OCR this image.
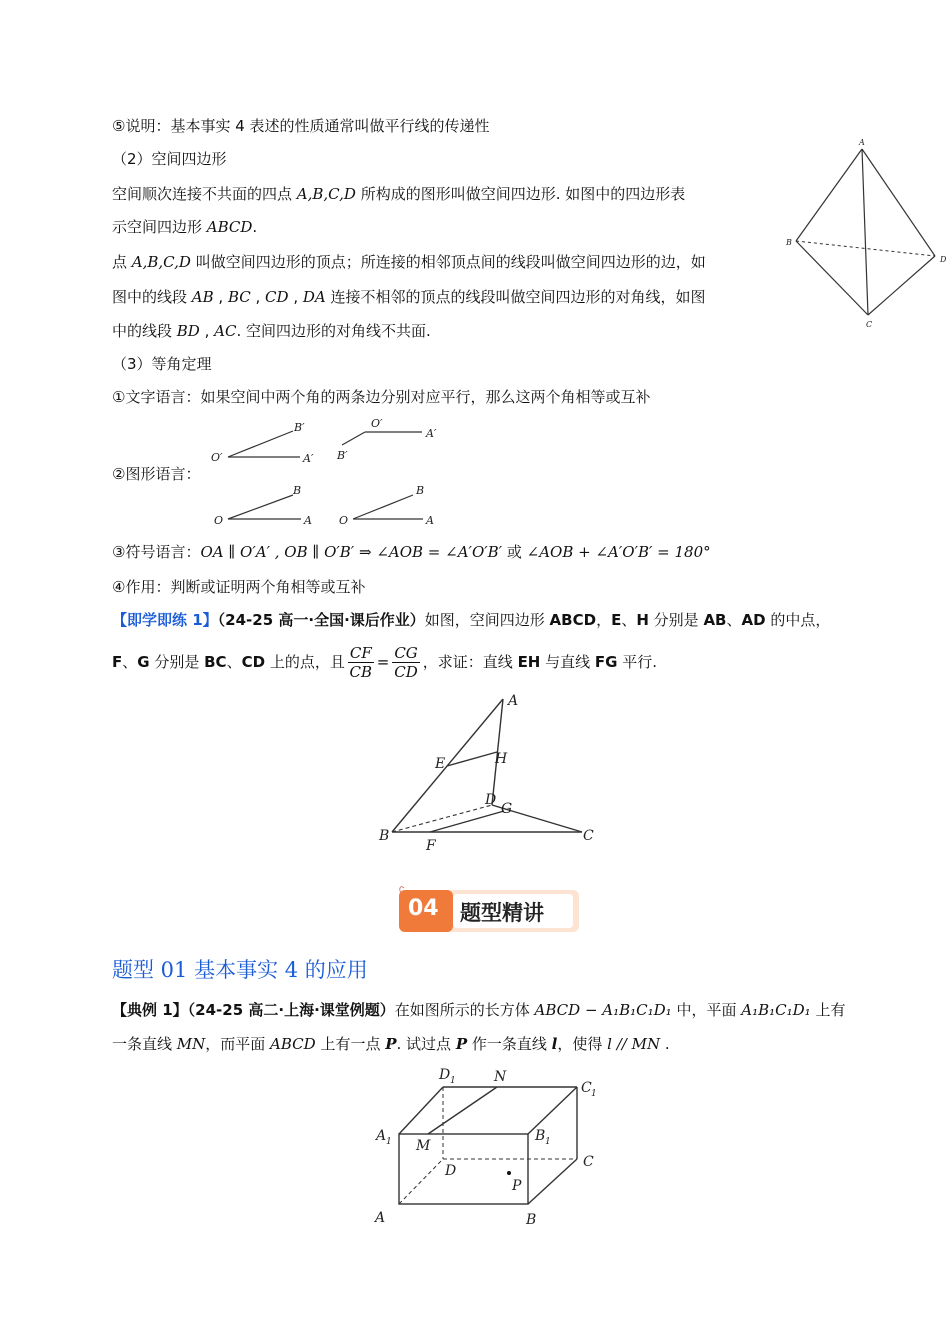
⑤说明：基本事实 4 表述的性质通常叫做平行线的传递性
（2）空间四边形
空间顺次连接不共面的四点 A,B,C,D 所构成的图形叫做空间四边形. 如图中的四边形表
示空间四边形 ABCD.
点 A,B,C,D 叫做空间四边形的顶点；所连接的相邻顶点间的线段叫做空间四边形的边，如
图中的线段 AB , BC , CD , DA 连接不相邻的顶点的线段叫做空间四边形的对角线，如图
中的线段 BD , AC. 空间四边形的对角线不共面.
A
B
C
D
（3）等角定理
①文字语言：如果空间中两个角的两条边分别对应平行，那么这两个角相等或互补
②图形语言：
O′	A′
B′	O′
A′
B′
O	A
B
O	A
B
③符号语言：OA ∥ O′A′ , OB ∥ O′B′ ⇒ ∠AOB = ∠A′O′B′ 或 ∠AOB + ∠A′O′B′ = 180°
④作用：判断或证明两个角相等或互补
【即学即练 1】（24-25 高一·全国·课后作业）如图，空间四边形 ABCD，E、H 分别是 AB、AD 的中点，
F、G 分别是 BC、CD 上的点，且 $\frac{CF}{CB} = \frac{CG}{CD}$ ，求证：直线 EH 与直线 FG 平行.
A
B	C
D
E
F
G
H
04 题型精讲
题型 01 基本事实 4 的应用
【典例 1】（24-25 高二·上海·课堂例题）在如图所示的长方体 ABCD − A₁B₁C₁D₁ 中，平面 A₁B₁C₁D₁ 上有
一条直线 MN，而平面 ABCD 上有一点 P. 试过点 P 作一条直线 l，使得 l // MN .
A	B
C
D
A 1	B 1
C 1
D 1
M
N
P
